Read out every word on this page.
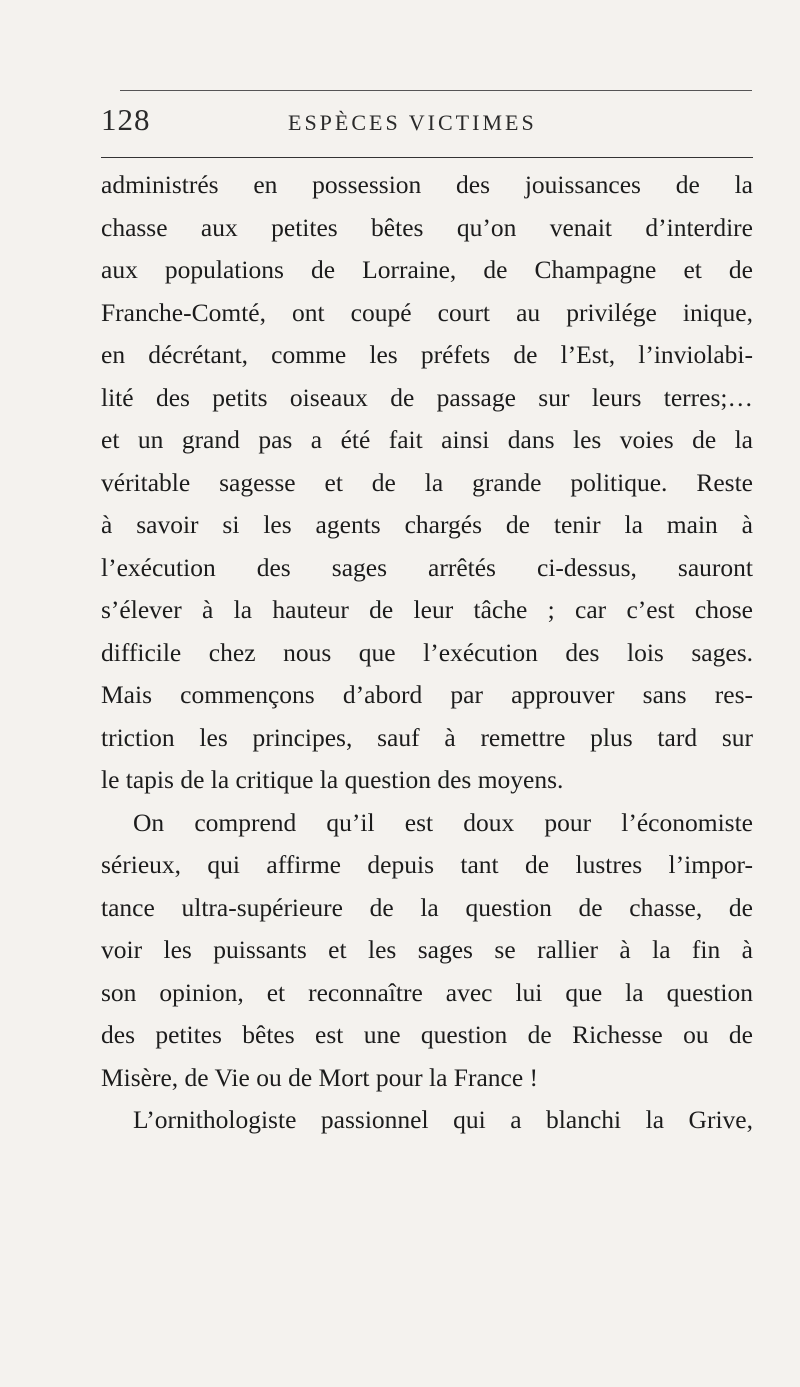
128	ESPÈCES VICTIMES
administrés en possession des jouissances de la
chasse aux petites bêtes qu’on venait d’interdire
aux populations de Lorraine, de Champagne et de
Franche-Comté, ont coupé court au privilége inique,
en décrétant, comme les préfets de l’Est, l’inviolabi-
lité des petits oiseaux de passage sur leurs terres;…
et un grand pas a été fait ainsi dans les voies de la
véritable sagesse et de la grande politique. Reste
à savoir si les agents chargés de tenir la main à
l’exécution des sages arrêtés ci-dessus, sauront
s’élever à la hauteur de leur tâche ; car c’est chose
difficile chez nous que l’exécution des lois sages.
Mais commençons d’abord par approuver sans res-
triction les principes, sauf à remettre plus tard sur
le tapis de la critique la question des moyens.
On comprend qu’il est doux pour l’économiste
sérieux, qui affirme depuis tant de lustres l’impor-
tance ultra-supérieure de la question de chasse, de
voir les puissants et les sages se rallier à la fin à
son opinion, et reconnaître avec lui que la question
des petites bêtes est une question de Richesse ou de
Misère, de Vie ou de Mort pour la France !
L’ornithologiste passionnel qui a blanchi la Grive,
